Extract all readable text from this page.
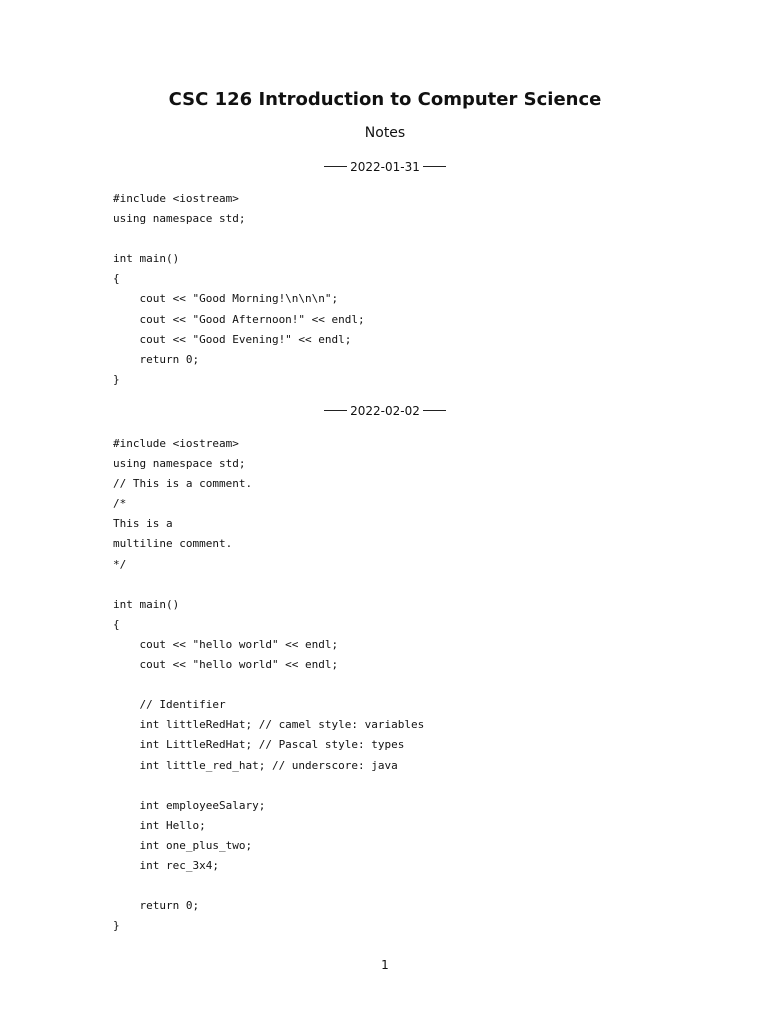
CSC 126 Introduction to Computer Science
Notes
2022-01-31
#include <iostream>
using namespace std;
int main()
{
cout << "Good Morning!\n\n\n";
cout << "Good Afternoon!" << endl;
cout << "Good Evening!" << endl;
return 0;
}
2022-02-02
#include <iostream>
using namespace std;
// This is a comment.
/*
This is a
multiline comment.
*/
int main()
{
cout << "hello world" << endl;
cout << "hello world" << endl;
// Identifier
int littleRedHat; // camel style: variables
int LittleRedHat; // Pascal style: types
int little_red_hat; // underscore: java
int employeeSalary;
int Hello;
int one_plus_two;
int rec_3x4;
return 0;
}
1
